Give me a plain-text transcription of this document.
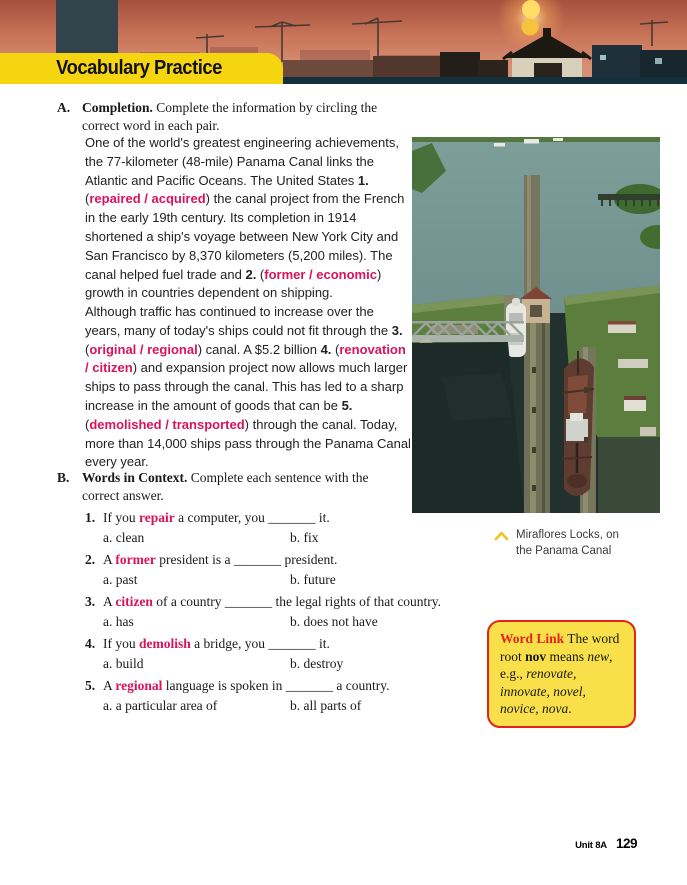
Vocabulary Practice
A. Completion. Complete the information by circling the correct word in each pair.
One of the world's greatest engineering achievements, the 77-kilometer (48-mile) Panama Canal links the Atlantic and Pacific Oceans. The United States 1. (repaired / acquired) the canal project from the French in the early 19th century. Its completion in 1914 shortened a ship's voyage between New York City and San Francisco by 8,370 kilometers (5,200 miles). The canal helped fuel trade and 2. (former / economic) growth in countries dependent on shipping.
Although traffic has continued to increase over the years, many of today's ships could not fit through the 3. (original / regional) canal. A $5.2 billion 4. (renovation / citizen) and expansion project now allows much larger ships to pass through the canal. This has led to a sharp increase in the amount of goods that can be 5. (demolished / transported) through the canal. Today, more than 14,000 ships pass through the Panama Canal every year.
B. Words in Context. Complete each sentence with the correct answer.
1. If you repair a computer, you _______ it.
a. clean	b. fix
2. A former president is a _______ president.
a. past	b. future
3. A citizen of a country _______ the legal rights of that country.
a. has	b. does not have
4. If you demolish a bridge, you _______ it.
a. build	b. destroy
5. A regional language is spoken in _______ a country.
a. a particular area of	b. all parts of
Miraflores Locks, on
the Panama Canal
Word Link The word root nov means new, e.g., renovate, innovate, novel, novice, nova.
Unit 8A 129
